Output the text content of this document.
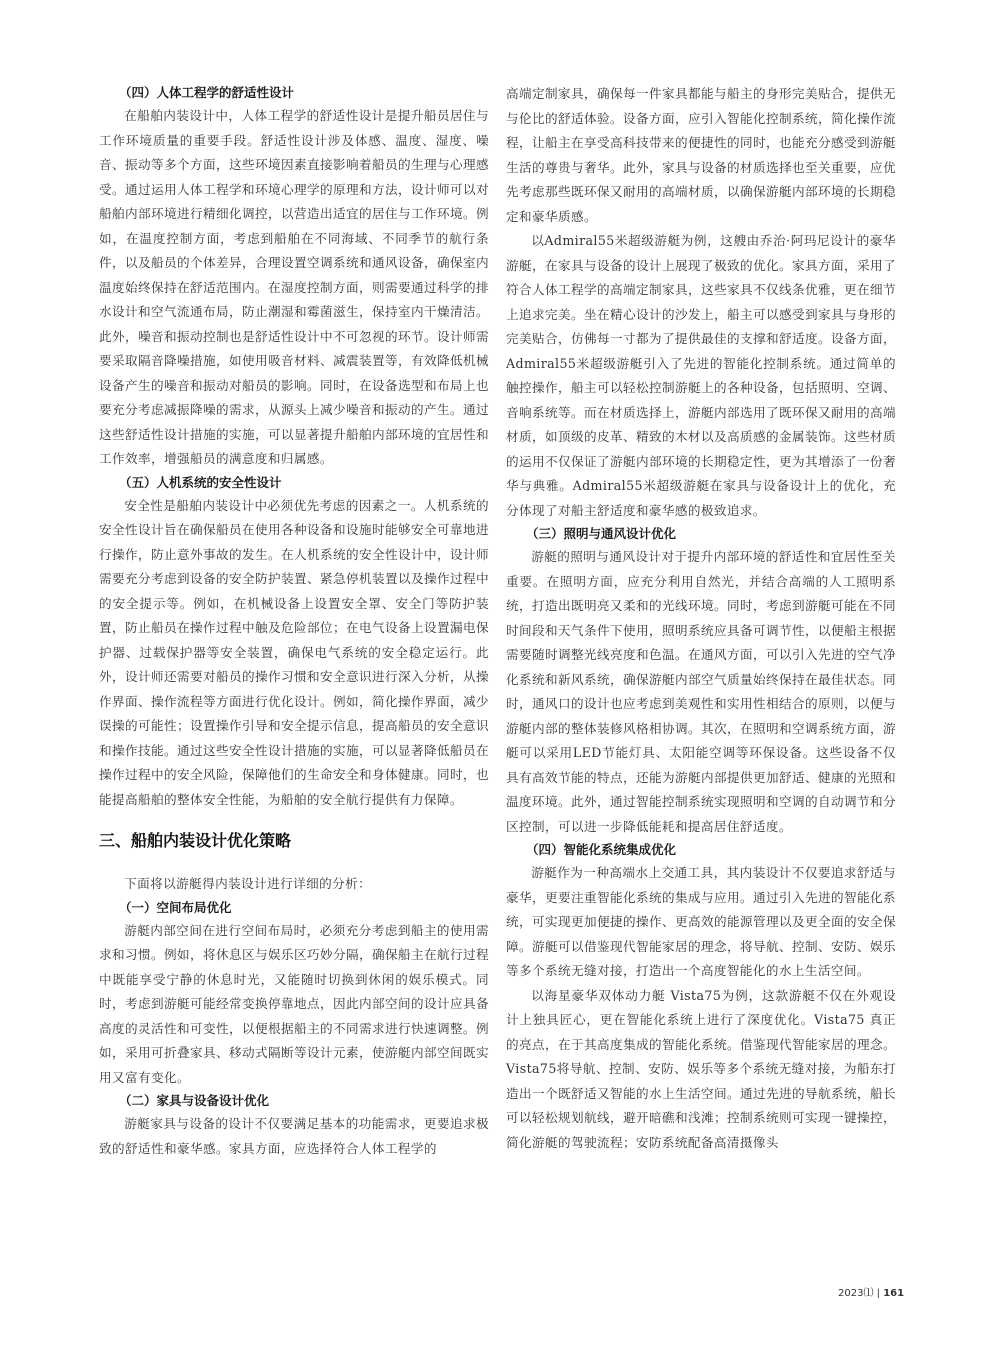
（四）人体工程学的舒适性设计

在船舶内装设计中，人体工程学的舒适性设计是提升船员居住与工作环境质量的重要手段。舒适性设计涉及体感、温度、湿度、噪音、振动等多个方面，这些环境因素直接影响着船员的生理与心理感受。通过运用人体工程学和环境心理学的原理和方法，设计师可以对船舶内部环境进行精细化调控，以营造出适宜的居住与工作环境。例如，在温度控制方面，考虑到船舶在不同海域、不同季节的航行条件，以及船员的个体差异，合理设置空调系统和通风设备，确保室内温度始终保持在舒适范围内。在湿度控制方面，则需要通过科学的排水设计和空气流通布局，防止潮湿和霉菌滋生，保持室内干燥清洁。此外，噪音和振动控制也是舒适性设计中不可忽视的环节。设计师需要采取隔音降噪措施，如使用吸音材料、减震装置等，有效降低机械设备产生的噪音和振动对船员的影响。同时，在设备选型和布局上也要充分考虑减振降噪的需求，从源头上减少噪音和振动的产生。通过这些舒适性设计措施的实施，可以显著提升船舶内部环境的宜居性和工作效率，增强船员的满意度和归属感。

（五）人机系统的安全性设计

安全性是船舶内装设计中必须优先考虑的因素之一。人机系统的安全性设计旨在确保船员在使用各种设备和设施时能够安全可靠地进行操作，防止意外事故的发生。在人机系统的安全性设计中，设计师需要充分考虑到设备的安全防护装置、紧急停机装置以及操作过程中的安全提示等。例如，在机械设备上设置安全罩、安全门等防护装置，防止船员在操作过程中触及危险部位；在电气设备上设置漏电保护器、过载保护器等安全装置，确保电气系统的安全稳定运行。此外，设计师还需要对船员的操作习惯和安全意识进行深入分析，从操作界面、操作流程等方面进行优化设计。例如，简化操作界面，减少误操的可能性；设置操作引导和安全提示信息，提高船员的安全意识和操作技能。通过这些安全性设计措施的实施，可以显著降低船员在操作过程中的安全风险，保障他们的生命安全和身体健康。同时，也能提高船舶的整体安全性能，为船舶的安全航行提供有力保障。

三、船舶内装设计优化策略

下面将以游艇得内装设计进行详细的分析：

（一）空间布局优化

游艇内部空间在进行空间布局时，必须充分考虑到船主的使用需求和习惯。例如，将休息区与娱乐区巧妙分隔，确保船主在航行过程中既能享受宁静的休息时光，又能随时切换到休闲的娱乐模式。同时，考虑到游艇可能经常变换停靠地点，因此内部空间的设计应具备高度的灵活性和可变性，以便根据船主的不同需求进行快速调整。例如，采用可折叠家具、移动式隔断等设计元素，使游艇内部空间既实用又富有变化。

（二）家具与设备设计优化

游艇家具与设备的设计不仅要满足基本的功能需求，更要追求极致的舒适性和豪华感。家具方面，应选择符合人体工程学的

高端定制家具，确保每一件家具都能与船主的身形完美贴合，提供无与伦比的舒适体验。设备方面，应引入智能化控制系统，简化操作流程，让船主在享受高科技带来的便捷性的同时，也能充分感受到游艇生活的尊贵与奢华。此外，家具与设备的材质选择也至关重要，应优先考虑那些既环保又耐用的高端材质，以确保游艇内部环境的长期稳定和豪华质感。

以Admiral55米超级游艇为例，这艘由乔治·阿玛尼设计的豪华游艇，在家具与设备的设计上展现了极致的优化。家具方面，采用了符合人体工程学的高端定制家具，这些家具不仅线条优雅，更在细节上追求完美。坐在精心设计的沙发上，船主可以感受到家具与身形的完美贴合，仿佛每一寸都为了提供最佳的支撑和舒适度。设备方面，Admiral55米超级游艇引入了先进的智能化控制系统。通过简单的触控操作，船主可以轻松控制游艇上的各种设备，包括照明、空调、音响系统等。而在材质选择上，游艇内部选用了既环保又耐用的高端材质，如顶级的皮革、精致的木材以及高质感的金属装饰。这些材质的运用不仅保证了游艇内部环境的长期稳定性，更为其增添了一份奢华与典雅。Admiral55米超级游艇在家具与设备设计上的优化，充分体现了对船主舒适度和豪华感的极致追求。

（三）照明与通风设计优化

游艇的照明与通风设计对于提升内部环境的舒适性和宜居性至关重要。在照明方面，应充分利用自然光，并结合高端的人工照明系统，打造出既明亮又柔和的光线环境。同时，考虑到游艇可能在不同时间段和天气条件下使用，照明系统应具备可调节性，以便船主根据需要随时调整光线亮度和色温。在通风方面，可以引入先进的空气净化系统和新风系统，确保游艇内部空气质量始终保持在最佳状态。同时，通风口的设计也应考虑到美观性和实用性相结合的原则，以便与游艇内部的整体装修风格相协调。其次，在照明和空调系统方面，游艇可以采用LED节能灯具、太阳能空调等环保设备。这些设备不仅具有高效节能的特点，还能为游艇内部提供更加舒适、健康的光照和温度环境。此外，通过智能控制系统实现照明和空调的自动调节和分区控制，可以进一步降低能耗和提高居住舒适度。

（四）智能化系统集成优化

游艇作为一种高端水上交通工具，其内装设计不仅要追求舒适与豪华，更要注重智能化系统的集成与应用。通过引入先进的智能化系统，可实现更加便捷的操作、更高效的能源管理以及更全面的安全保障。游艇可以借鉴现代智能家居的理念，将导航、控制、安防、娱乐等多个系统无缝对接，打造出一个高度智能化的水上生活空间。

以海星豪华双体动力艇 Vista75为例，这款游艇不仅在外观设计上独具匠心，更在智能化系统上进行了深度优化。Vista75 真正的亮点，在于其高度集成的智能化系统。借鉴现代智能家居的理念。Vista75将导航、控制、安防、娱乐等多个系统无缝对接，为船东打造出一个既舒适又智能的水上生活空间。通过先进的导航系统，船长可以轻松规划航线，避开暗礁和浅滩；控制系统则可实现一键操控，简化游艇的驾驶流程；安防系统配备高清摄像头

2023⑴ | 161
